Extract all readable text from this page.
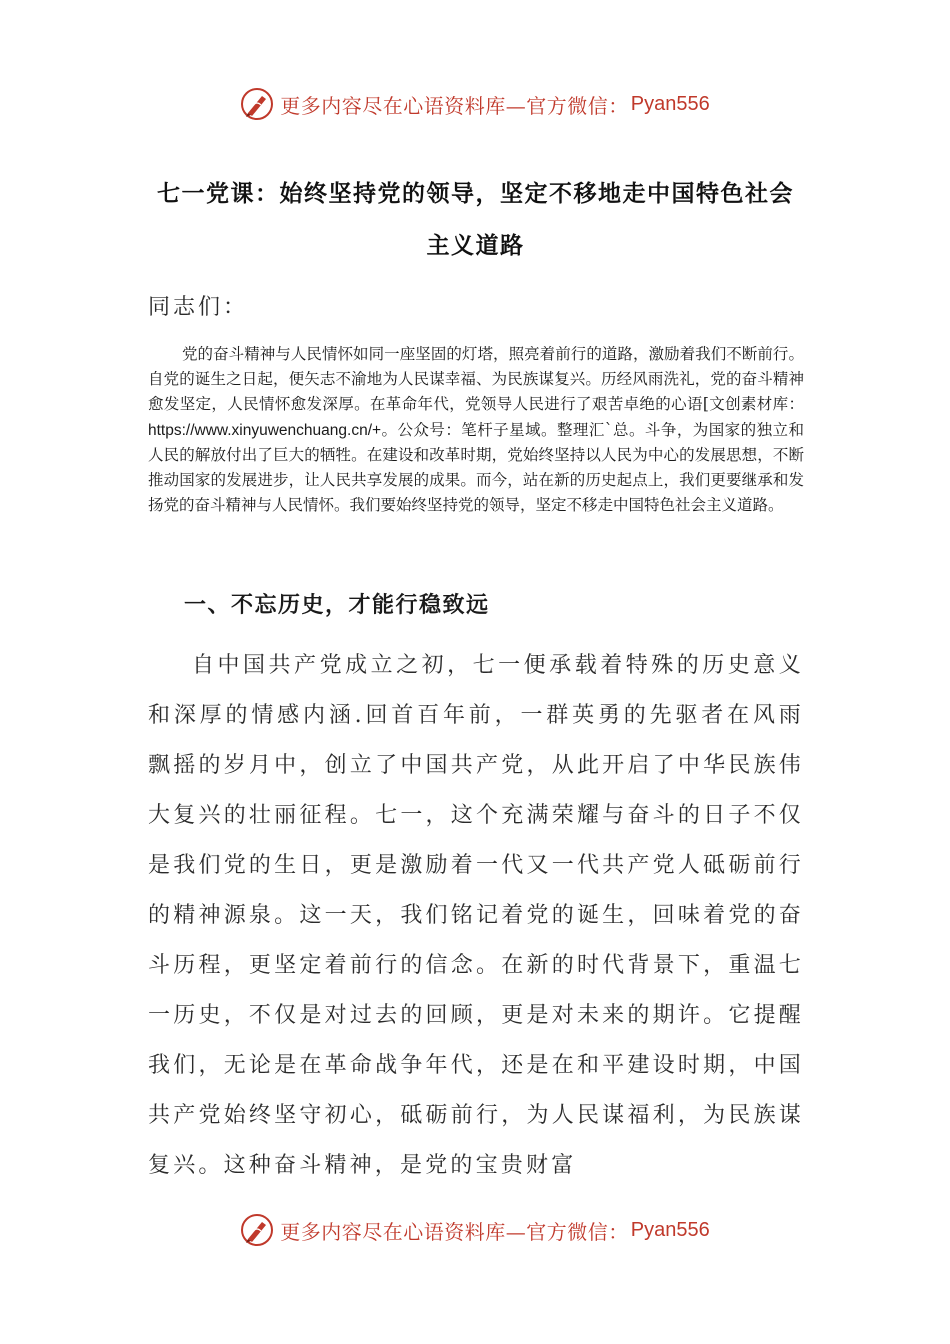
更多内容尽在心语资料库—官方微信： Pyan556
七一党课：始终坚持党的领导，坚定不移地走中国特色社会主义道路
同志们：

党的奋斗精神与人民情怀如同一座坚固的灯塔，照亮着前行的道路，激励着我们不断前行。自党的诞生之日起，便矢志不渝地为人民谋幸福、为民族谋复兴。历经风雨洗礼，党的奋斗精神愈发坚定，人民情怀愈发深厚。在革命年代，党领导人民进行了艰苦卓绝的心语[文创素材库：https://www.xinyuwenchuang.cn/+。公众号：笔杆子星域。整理汇`总。斗争，为国家的独立和人民的解放付出了巨大的牺牲。在建设和改革时期，党始终坚持以人民为中心的发展思想，不断推动国家的发展进步，让人民共享发展的成果。而今，站在新的历史起点上，我们更要继承和发扬党的奋斗精神与人民情怀。我们要始终坚持党的领导，坚定不移走中国特色社会主义道路。

一、不忘历史，才能行稳致远

自中国共产党成立之初，七一便承载着特殊的历史意义和深厚的情感内涵.回首百年前，一群英勇的先驱者在风雨飘摇的岁月中，创立了中国共产党，从此开启了中华民族伟大复兴的壮丽征程。七一，这个充满荣耀与奋斗的日子不仅是我们党的生日，更是激励着一代又一代共产党人砥砺前行的精神源泉。这一天，我们铭记着党的诞生，回味着党的奋斗历程，更坚定着前行的信念。在新的时代背景下，重温七一历史，不仅是对过去的回顾，更是对未来的期许。它提醒我们，无论是在革命战争年代，还是在和平建设时期，中国共产党始终坚守初心，砥砺前行，为人民谋福利，为民族谋复兴。这种奋斗精神，是党的宝贵财富

更多内容尽在心语资料库—官方微信： Pyan556
